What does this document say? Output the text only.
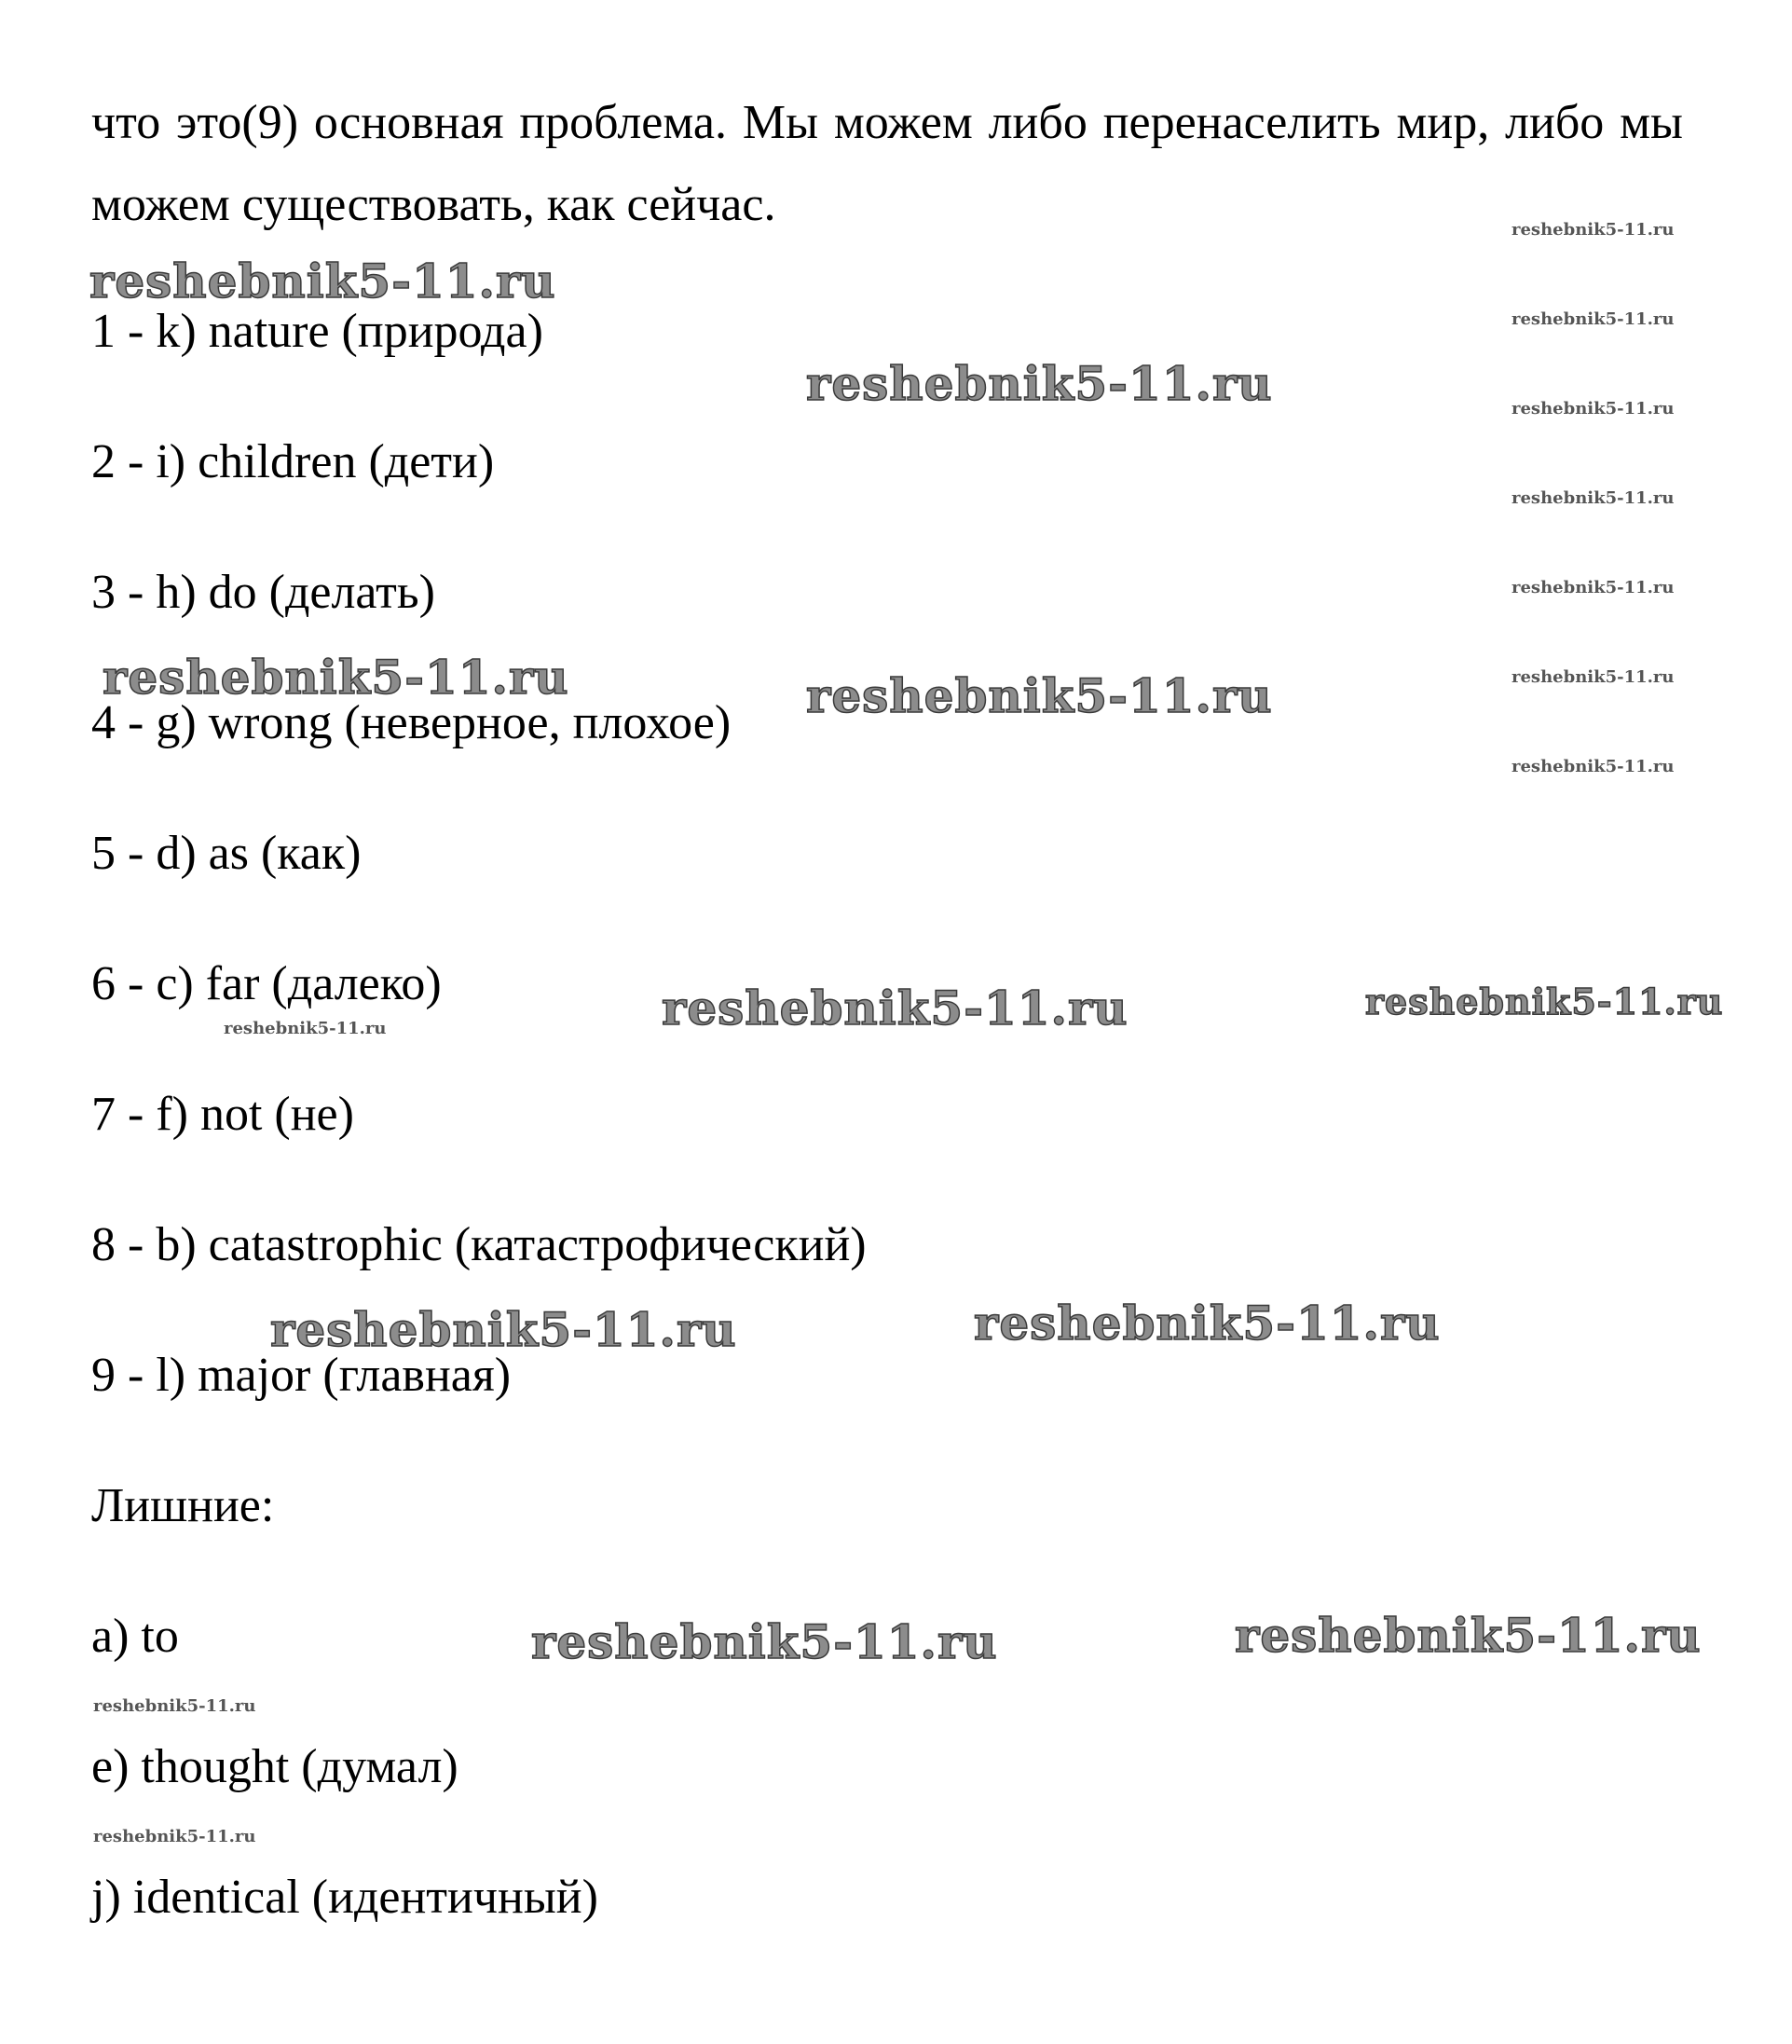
что это(9) основная проблема. Мы можем либо перенаселить мир, либо мы можем существовать, как сейчас.

1 - k) nature (природа)
2 - i) children (дети)
3 - h) do (делать)
4 - g) wrong (неверное, плохое)
5 - d) as (как)
6 - c) far (далеко)
7 - f) not (не)
8 - b) catastrophic (катастрофический)
9 - l) major (главная)
Лишние:
a) to
e) thought (думал)
j) identical (идентичный)
reshebnik5-11.ru
reshebnik5-11.ru
reshebnik5-11.ru	reshebnik5-11.ru
reshebnik5-11.ru
reshebnik5-11.ru	reshebnik5-11.ru
reshebnik5-11.ru	reshebnik5-11.ru
reshebnik5-11.ru
reshebnik5-11.ru
reshebnik5-11.ru
reshebnik5-11.ru
reshebnik5-11.ru
reshebnik5-11.ru
reshebnik5-11.ru
reshebnik5-11.ru
reshebnik5-11.ru
reshebnik5-11.ru
reshebnik5-11.ru
